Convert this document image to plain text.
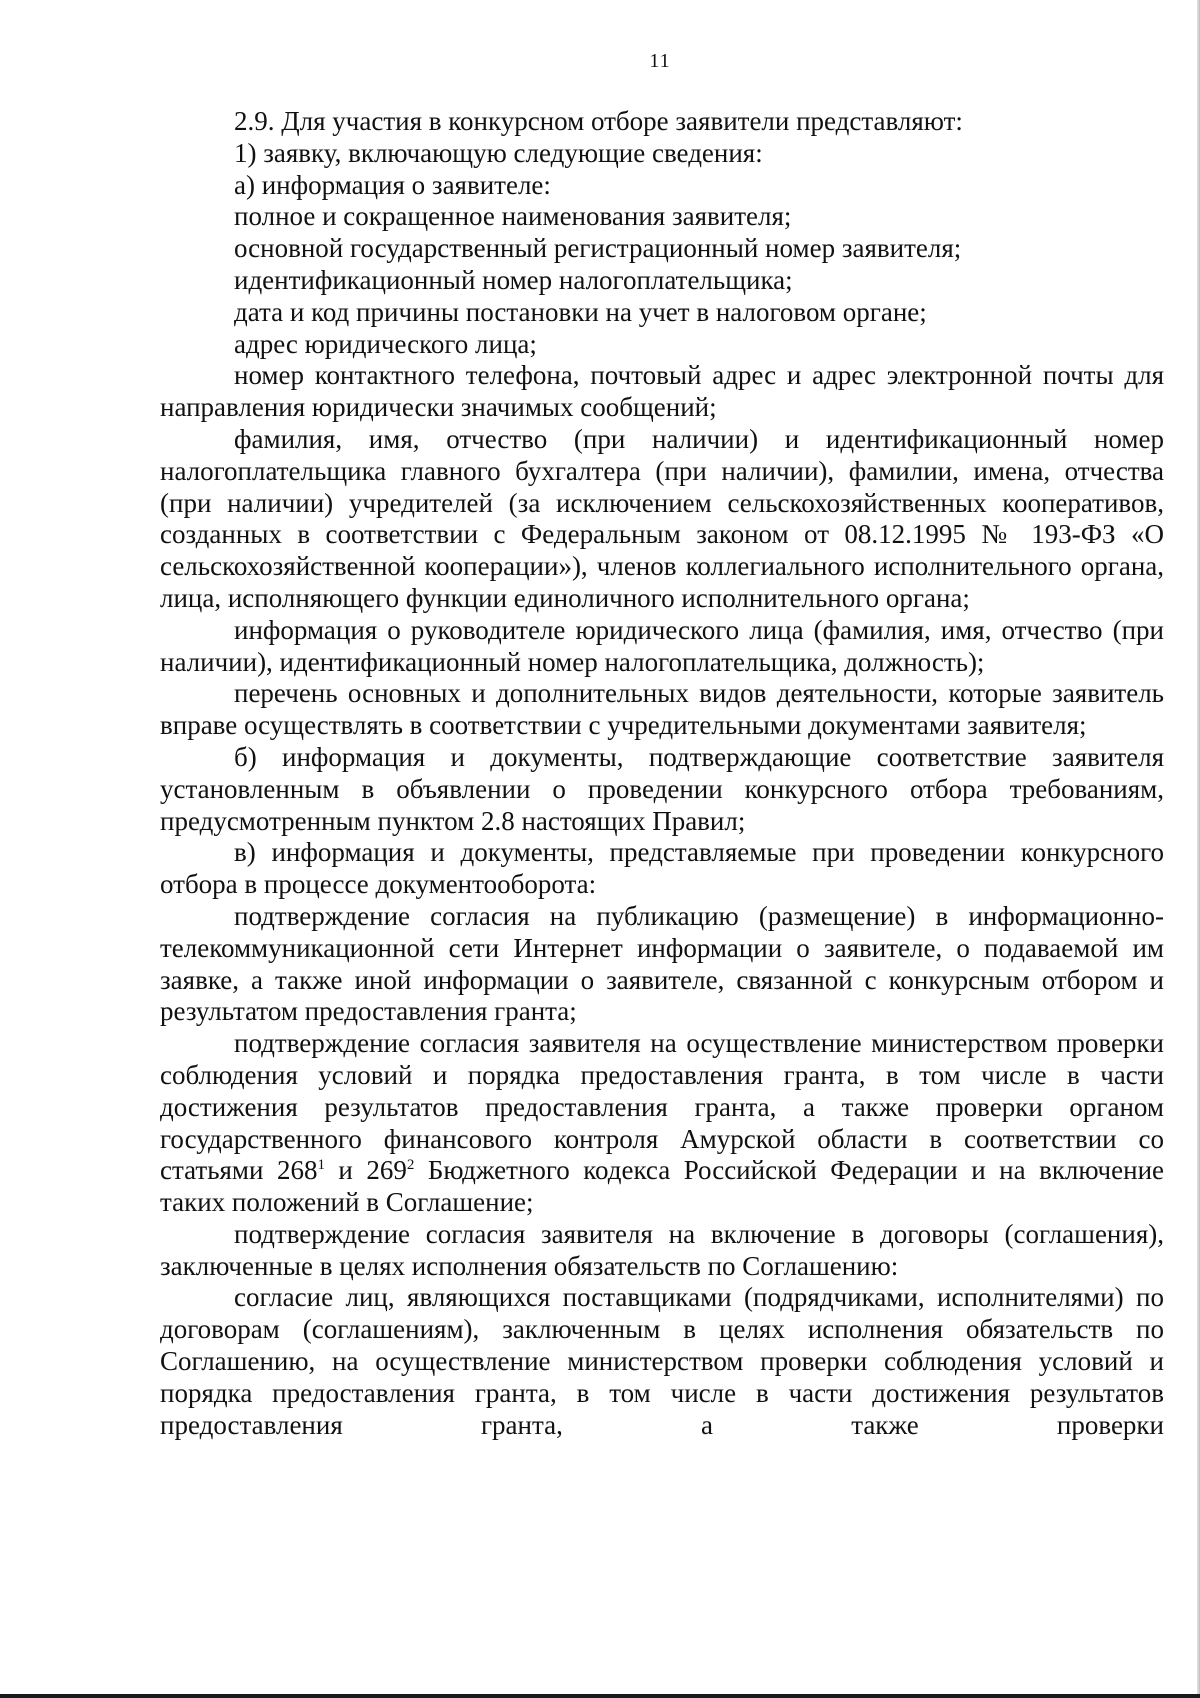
11

2.9. Для участия в конкурсном отборе заявители представляют:

1) заявку, включающую следующие сведения:

а) информация о заявителе:

полное и сокращенное наименования заявителя;

основной государственный регистрационный номер заявителя;

идентификационный номер налогоплательщика;

дата и код причины постановки на учет в налоговом органе;

адрес юридического лица;

номер контактного телефона, почтовый адрес и адрес электронной почты для направления юридически значимых сообщений;

фамилия, имя, отчество (при наличии) и идентификационный номер налогоплательщика главного бухгалтера (при наличии), фамилии, имена, отчества (при наличии) учредителей (за исключением сельскохозяйственных кооперативов, созданных в соответствии с Федеральным законом от 08.12.1995 № 193-ФЗ «О сельскохозяйственной кооперации»), членов коллегиального исполнительного органа, лица, исполняющего функции единоличного исполнительного органа;

информация о руководителе юридического лица (фамилия, имя, отчество (при наличии), идентификационный номер налогоплательщика, должность);

перечень основных и дополнительных видов деятельности, которые заявитель вправе осуществлять в соответствии с учредительными документами заявителя;

б) информация и документы, подтверждающие соответствие заявителя установленным в объявлении о проведении конкурсного отбора требованиям, предусмотренным пунктом 2.8 настоящих Правил;

в) информация и документы, представляемые при проведении конкурсного отбора в процессе документооборота:

подтверждение согласия на публикацию (размещение) в информационно-телекоммуникационной сети Интернет информации о заявителе, о подаваемой им заявке, а также иной информации о заявителе, связанной с конкурсным отбором и результатом предоставления гранта;

подтверждение согласия заявителя на осуществление министерством проверки соблюдения условий и порядка предоставления гранта, в том числе в части достижения результатов предоставления гранта, а также проверки органом государственного финансового контроля Амурской области в соответствии со статьями $268^1$ и $269^2$ Бюджетного кодекса Российской Федерации и на включение таких положений в Соглашение;

подтверждение согласия заявителя на включение в договоры (соглашения), заключенные в целях исполнения обязательств по Соглашению:

согласие лиц, являющихся поставщиками (подрядчиками, исполнителями) по договорам (соглашениям), заключенным в целях исполнения обязательств по Соглашению, на осуществление министерством проверки соблюдения условий и порядка предоставления гранта, в том числе в части достижения результатов предоставления гранта, а также проверки
